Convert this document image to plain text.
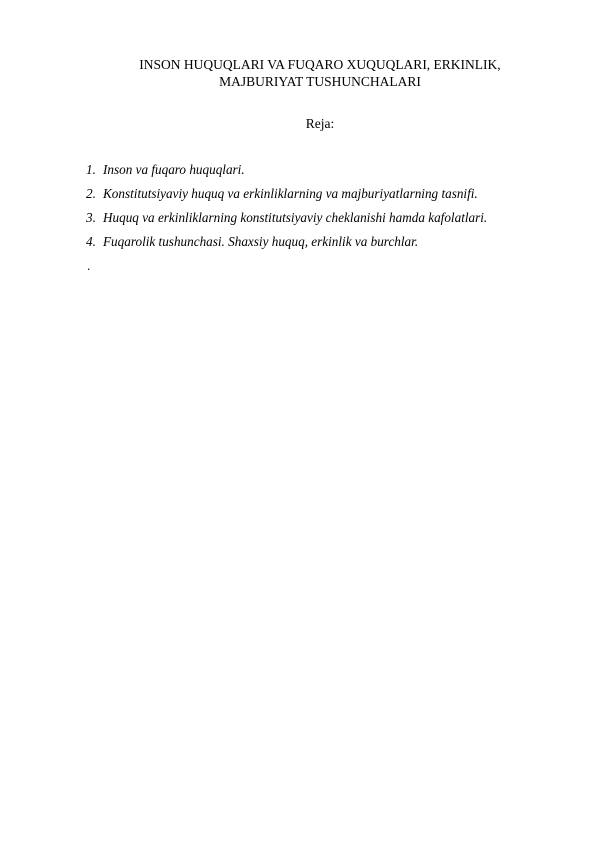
INSON HUQUQLARI VA FUQARO XUQUQLARI, ERKINLIK,
MAJBURIYAT TUSHUNCHALARI
Reja:
1. Inson va fuqaro huquqlari.
2. Konstitutsiyaviy huquq va erkinliklarning va majburiyatlarning tasnifi.
3. Huquq va erkinliklarning konstitutsiyaviy cheklanishi hamda kafolatlari.
4. Fuqarolik tushunchasi. Shaxsiy huquq, erkinlik va burchlar.
.
